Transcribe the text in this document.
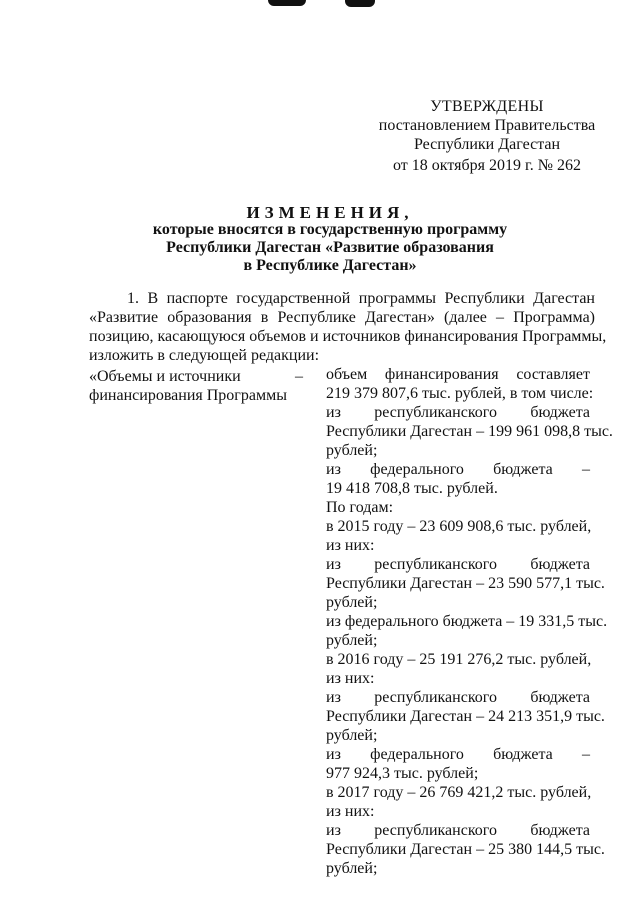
УТВЕРЖДЕНЫ
постановлением Правительства
Республики Дагестан
от 18 октября 2019 г. № 262
ИЗМЕНЕНИЯ,
которые вносятся в государственную программу
Республики Дагестан «Развитие образования
в Республике Дагестан»
1. В паспорте государственной программы Республики Дагестан
«Развитие образования в Республике Дагестан» (далее – Программа)
позицию, касающуюся объемов и источников финансирования Программы,
изложить в следующей редакции:
«Объемы и источники
финансирования Программы
– объем финансирования составляет
219 379 807,6 тыс. рублей, в том числе:
из республиканского бюджета
Республики Дагестан – 199 961 098,8 тыс.
рублей;
из федерального бюджета –
19 418 708,8 тыс. рублей.
По годам:
в 2015 году – 23 609 908,6 тыс. рублей,
из них:
из республиканского бюджета
Республики Дагестан – 23 590 577,1 тыс.
рублей;
из федерального бюджета – 19 331,5 тыс.
рублей;
в 2016 году – 25 191 276,2 тыс. рублей,
из них:
из республиканского бюджета
Республики Дагестан – 24 213 351,9 тыс.
рублей;
из федерального бюджета –
977 924,3 тыс. рублей;
в 2017 году – 26 769 421,2 тыс. рублей,
из них:
из республиканского бюджета
Республики Дагестан – 25 380 144,5 тыс.
рублей;
